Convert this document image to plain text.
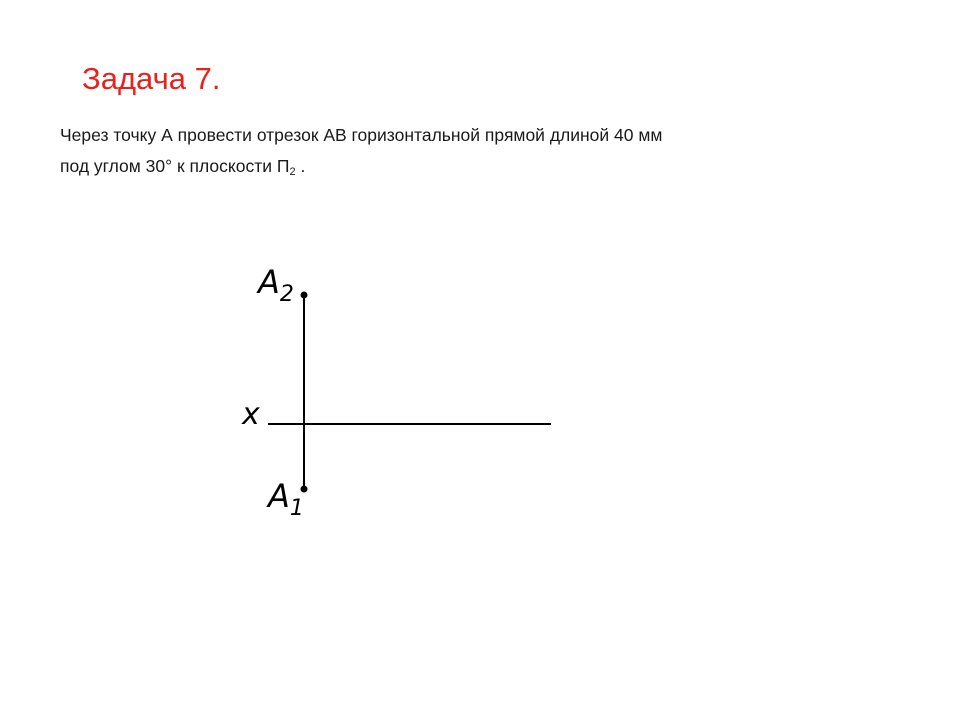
Задача 7.
Через точку А провести отрезок АВ горизонтальной прямой длиной 40 мм
под углом 30° к плоскости $П_2$ .
$A_2$
x
$A_1$
